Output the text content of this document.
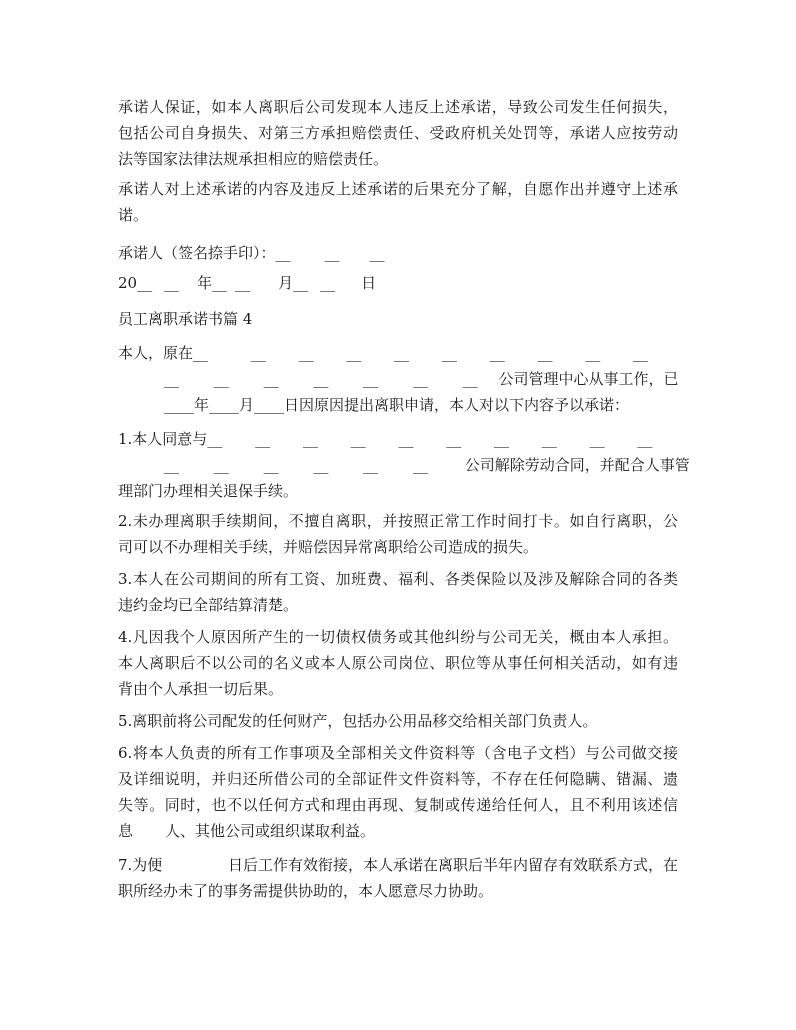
承诺人保证，如本人离职后公司发现本人违反上述承诺，导致公司发生任何损失，
包括公司自身损失、对第三方承担赔偿责任、受政府机关处罚等，承诺人应按劳动
法等国家法律法规承担相应的赔偿责任。
承诺人对上述承诺的内容及违反上述承诺的后果充分了解，自愿作出并遵守上述承
诺。
承诺人（签名捺手印）：__ __ __
20__ __ 年__ __ 月__ __ 日
员工离职承诺书篇 4
本人，原在__	__ __ __ __ __ __ __ __ __
__ __ __ __ __ __ __ 公司管理中心从事工作，已
____年____月____日因原因提出离职申请，本人对以下内容予以承诺：
1.本人同意与__ __ __ __ __ __ __ __ __ __
__ __ __ __ __ __ 公司解除劳动合同，并配合人事管
理部门办理相关退保手续。
2.未办理离职手续期间，不擅自离职，并按照正常工作时间打卡。如自行离职，公
司可以不办理相关手续，并赔偿因异常离职给公司造成的损失。
3.本人在公司期间的所有工资、加班费、福利、各类保险以及涉及解除合同的各类
违约金均已全部结算清楚。
4.凡因我个人原因所产生的一切债权债务或其他纠纷与公司无关，概由本人承担。
本人离职后不以公司的名义或本人原公司岗位、职位等从事任何相关活动，如有违
背由个人承担一切后果。
5.离职前将公司配发的任何财产，包括办公用品移交给相关部门负责人。
6.将本人负责的所有工作事项及全部相关文件资料等（含电子文档）与公司做交接
及详细说明，并归还所借公司的全部证件文件资料等，不存在任何隐瞒、错漏、遗
失等。同时，也不以任何方式和理由再现、复制或传递给任何人，且不利用该述信
息 人、其他公司或组织谋取利益。
7.为便	日后工作有效衔接，本人承诺在离职后半年内留存有效联系方式，在
职所经办未了的事务需提供协助的，本人愿意尽力协助。
